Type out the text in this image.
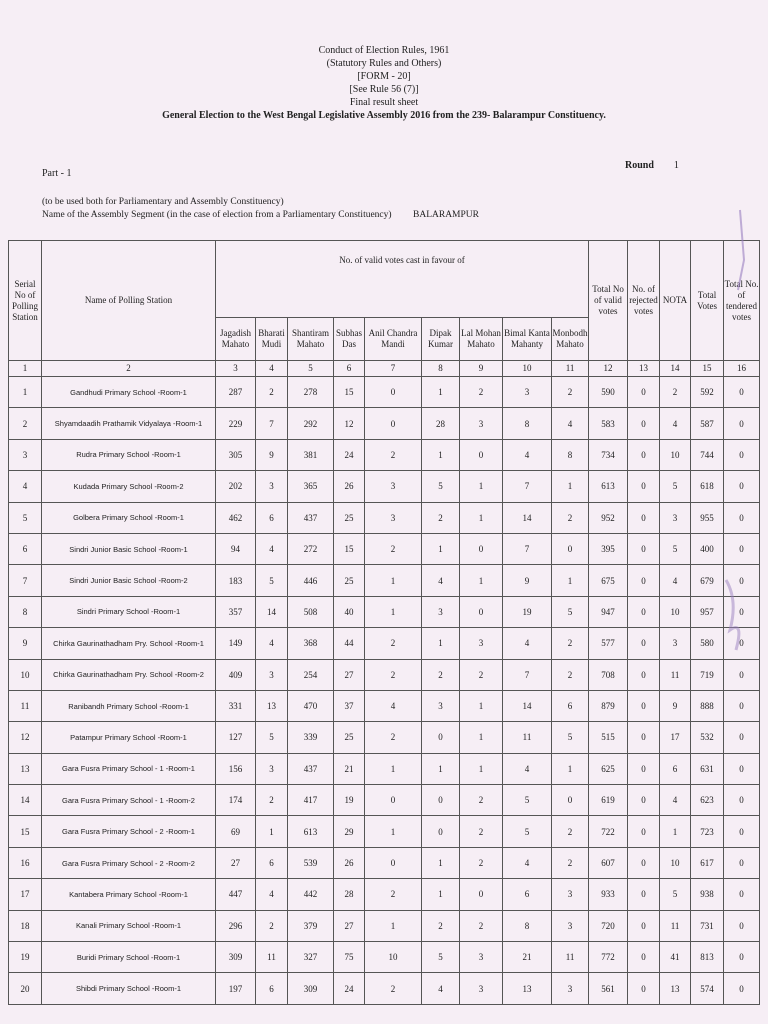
Conduct of Election Rules, 1961
(Statutory Rules and Others)
[FORM - 20]
[See Rule 56 (7)]
Final result sheet
General Election to the West Bengal Legislative Assembly 2016 from the 239- Balarampur Constituency.
Part - 1
Round 1
(to be used both for Parliamentary and Assembly Constituency)
Name of the Assembly Segment (in the case of election from a Parliamentary Constituency) BALARAMPUR
Serial No of Polling Station	Name of Polling Station	No. of valid votes cast in favour of									Total No of valid votes	No. of rejected votes	NOTA	Total Votes	Total No. of tendered votes
		Jagadish Mahato	Bharati Mudi	Shantiram Mahato	Subhas Das	Anil Chandra Mandi	Dipak Kumar	Lal Mohan Mahato	Bimal Kanta Mahanty	Monbodh Mahato					
1	2	3	4	5	6	7	8	9	10	11	12	13	14	15	16
1	Gandhudi Primary School -Room-1	287	2	278	15	0	1	2	3	2	590	0	2	592	0
2	Shyamdaadih Prathamik Vidyalaya -Room-1	229	7	292	12	0	28	3	8	4	583	0	4	587	0
3	Rudra Primary School -Room-1	305	9	381	24	2	1	0	4	8	734	0	10	744	0
4	Kudada Primary School -Room-2	202	3	365	26	3	5	1	7	1	613	0	5	618	0
5	Golbera Primary School -Room-1	462	6	437	25	3	2	1	14	2	952	0	3	955	0
6	Sindri Junior Basic School -Room-1	94	4	272	15	2	1	0	7	0	395	0	5	400	0
7	Sindri Junior Basic School -Room-2	183	5	446	25	1	4	1	9	1	675	0	4	679	0
8	Sindri Primary School -Room-1	357	14	508	40	1	3	0	19	5	947	0	10	957	0
9	Chirka Gaurinathadham Pry. School -Room-1	149	4	368	44	2	1	3	4	2	577	0	3	580	0
10	Chirka Gaurinathadham Pry. School -Room-2	409	3	254	27	2	2	2	7	2	708	0	11	719	0
11	Ranibandh Primary School -Room-1	331	13	470	37	4	3	1	14	6	879	0	9	888	0
12	Patampur Primary School -Room-1	127	5	339	25	2	0	1	11	5	515	0	17	532	0
13	Gara Fusra Primary School - 1 -Room-1	156	3	437	21	1	1	1	4	1	625	0	6	631	0
14	Gara Fusra Primary School - 1 -Room-2	174	2	417	19	0	0	2	5	0	619	0	4	623	0
15	Gara Fusra Primary School - 2 -Room-1	69	1	613	29	1	0	2	5	2	722	0	1	723	0
16	Gara Fusra Primary School - 2 -Room-2	27	6	539	26	0	1	2	4	2	607	0	10	617	0
17	Kantabera Primary School -Room-1	447	4	442	28	2	1	0	6	3	933	0	5	938	0
18	Kanali Primary School -Room-1	296	2	379	27	1	2	2	8	3	720	0	11	731	0
19	Buridi Primary School -Room-1	309	11	327	75	10	5	3	21	11	772	0	41	813	0
20	Shibdi Primary School -Room-1	197	6	309	24	2	4	3	13	3	561	0	13	574	0
